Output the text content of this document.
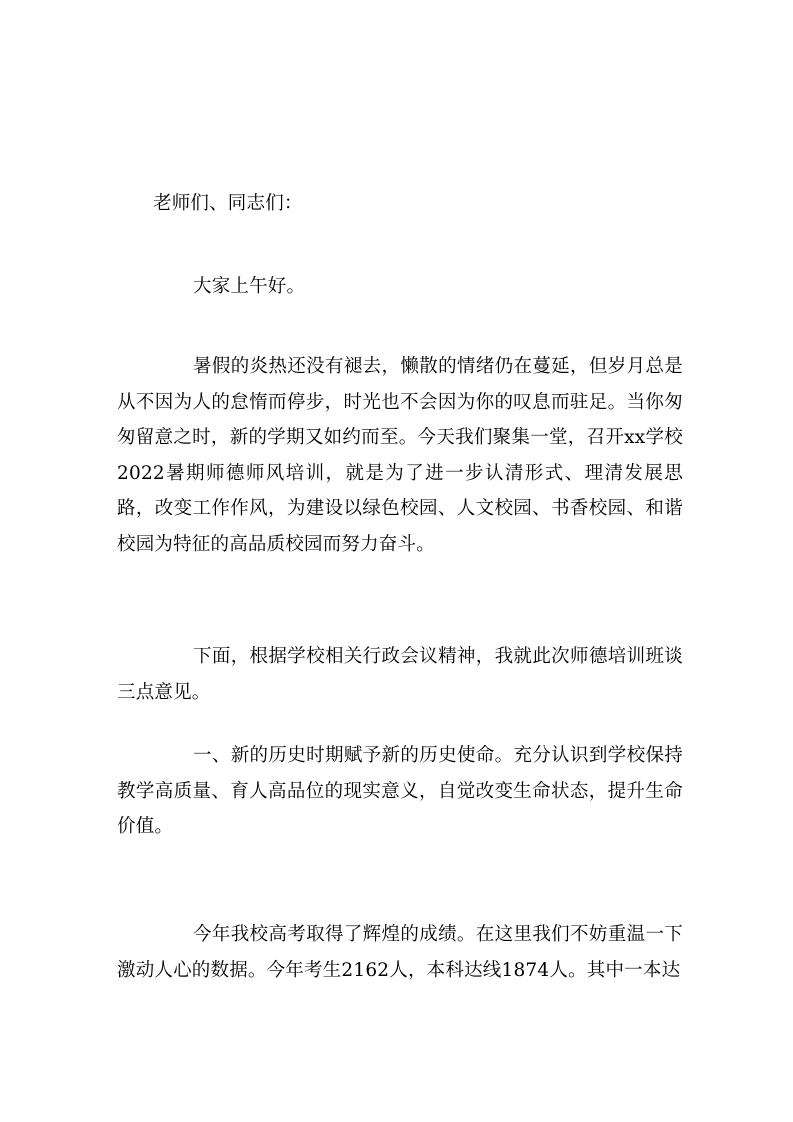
老师们、同志们：

大家上午好。

暑假的炎热还没有褪去，懒散的情绪仍在蔓延，但岁月总是从不因为人的怠惰而停步，时光也不会因为你的叹息而驻足。当你匆匆留意之时，新的学期又如约而至。今天我们聚集一堂，召开xx学校2022暑期师德师风培训，就是为了进一步认清形式、理清发展思路，改变工作作风，为建设以绿色校园、人文校园、书香校园、和谐校园为特征的高品质校园而努力奋斗。

下面，根据学校相关行政会议精神，我就此次师德培训班谈三点意见。

一、新的历史时期赋予新的历史使命。充分认识到学校保持教学高质量、育人高品位的现实意义，自觉改变生命状态，提升生命价值。

今年我校高考取得了辉煌的成绩。在这里我们不妨重温一下激动人心的数据。今年考生2162人，本科达线1874人。其中一本达
